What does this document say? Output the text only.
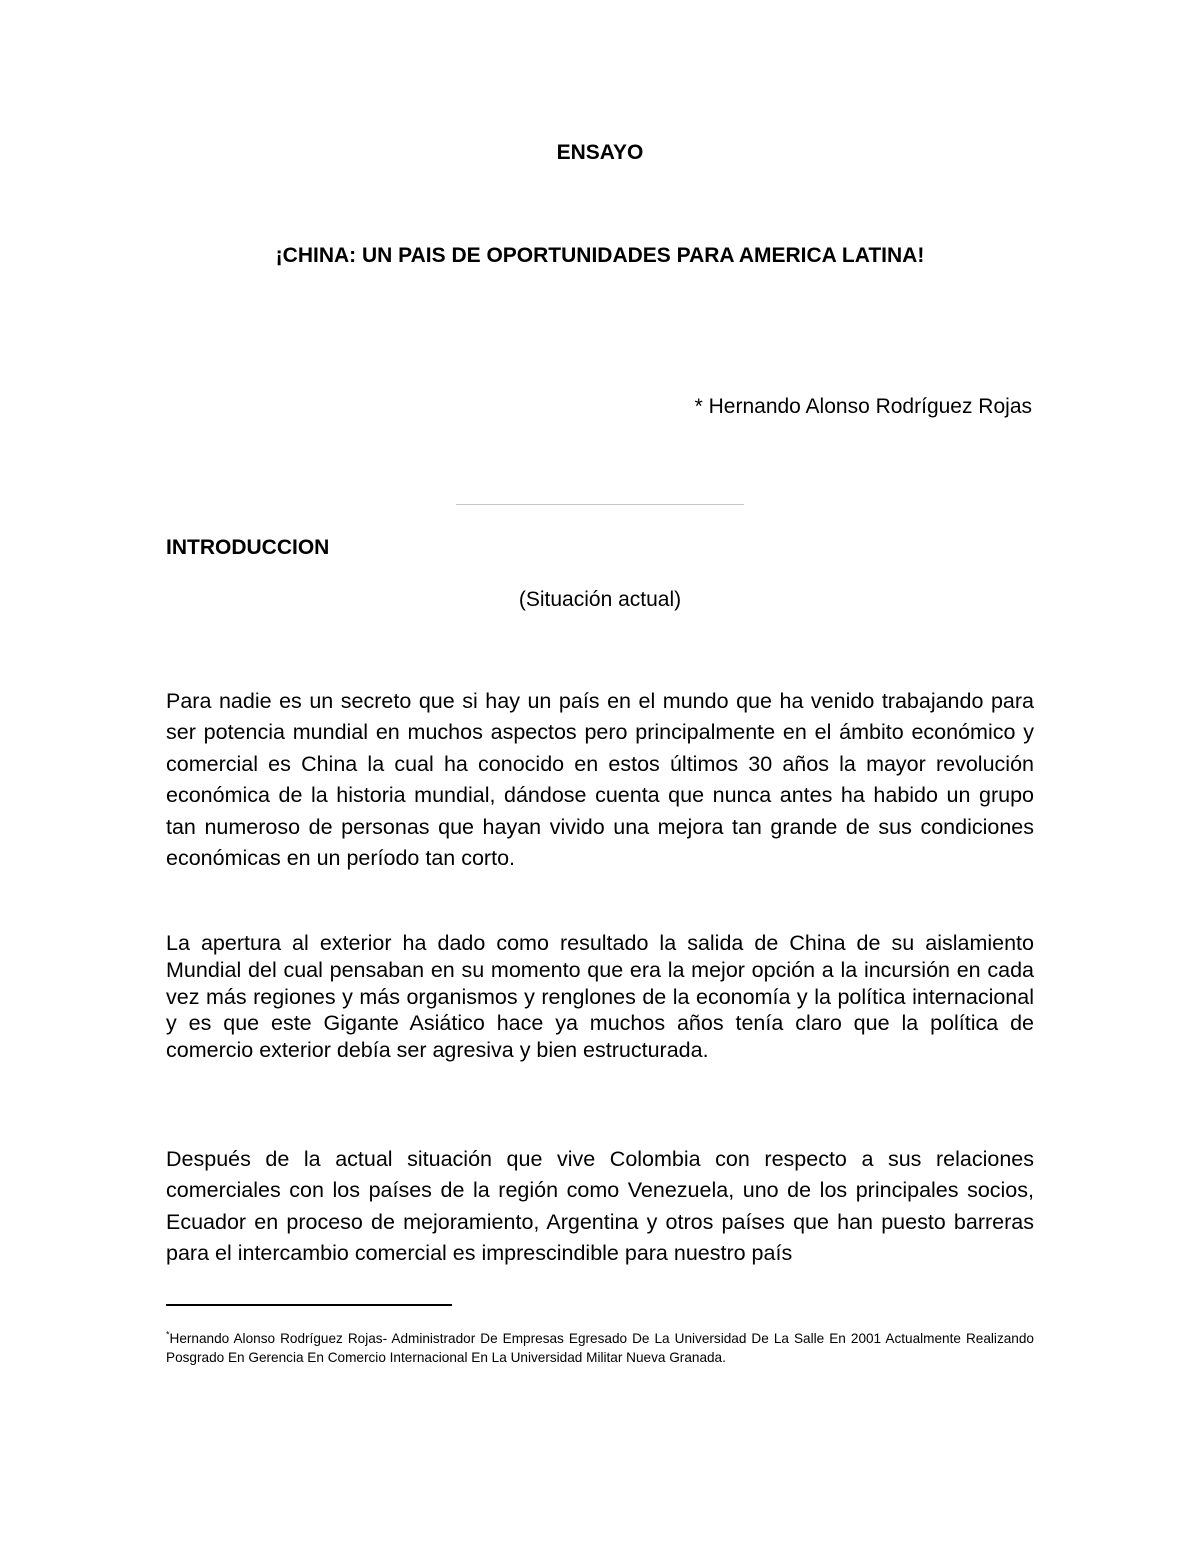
ENSAYO
¡CHINA: UN PAIS DE OPORTUNIDADES PARA AMERICA LATINA!
* Hernando Alonso Rodríguez Rojas
INTRODUCCION
(Situación actual)

Para nadie es un secreto que si hay un país en el mundo que ha venido trabajando para ser potencia mundial en muchos aspectos pero principalmente en el ámbito económico y comercial es China la cual ha conocido en estos últimos 30 años la mayor revolución económica de la historia mundial, dándose cuenta que nunca antes ha habido un grupo tan numeroso de personas que hayan vivido una mejora tan grande de sus condiciones económicas en un período tan corto.

La apertura al exterior ha dado como resultado la salida de China de su aislamiento Mundial del cual pensaban en su momento que era la mejor opción a la incursión en cada vez más regiones y más organismos y renglones de la economía y la política internacional y es que este Gigante Asiático hace ya muchos años tenía claro que la política de comercio exterior debía ser agresiva y bien estructurada.

Después de la actual situación que vive Colombia con respecto a sus relaciones comerciales con los países de la región como Venezuela, uno de los principales socios, Ecuador en proceso de mejoramiento, Argentina y otros países que han puesto barreras para el intercambio comercial es imprescindible para nuestro país

*Hernando Alonso Rodríguez Rojas- Administrador De Empresas Egresado De La Universidad De La Salle En 2001 Actualmente Realizando Posgrado En Gerencia En Comercio Internacional En La Universidad Militar Nueva Granada.
